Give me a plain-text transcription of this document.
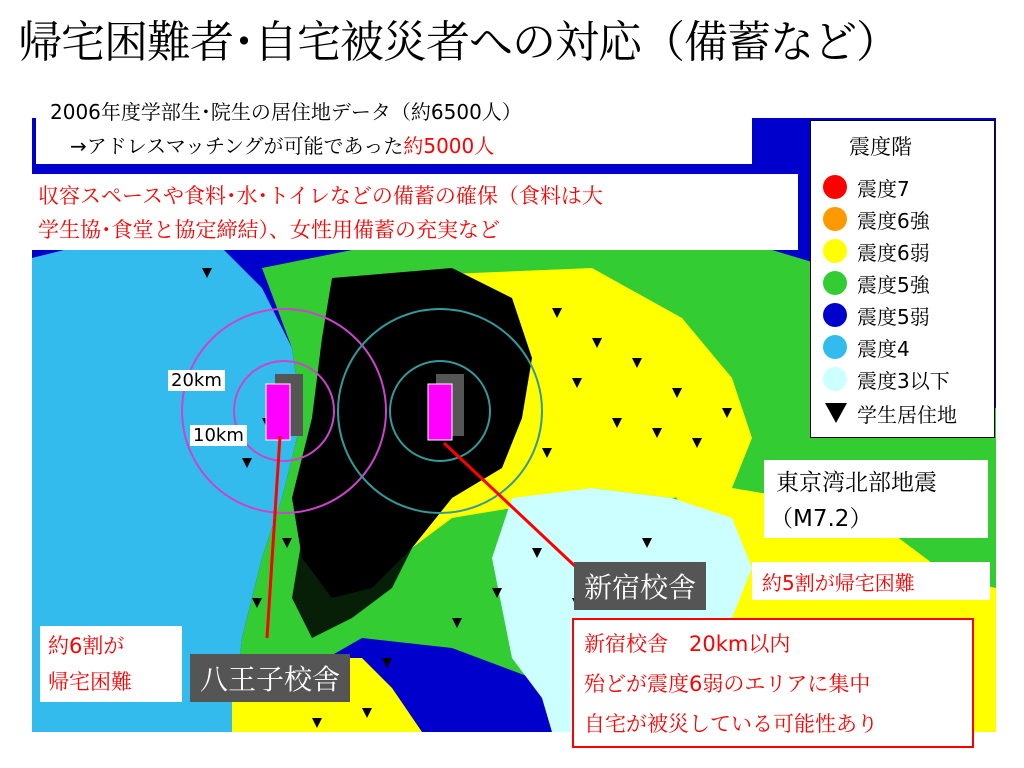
帰宅困難者･自宅被災者への対応（備蓄など）
2006年度学部生･院生の居住地データ（約6500人）
→アドレスマッチングが可能であった約5000人
収容スペースや食料･水･トイレなどの備蓄の確保（食料は大
学生協･食堂と協定締結）、女性用備蓄の充実など
震度階
震度7
震度6強
震度6弱
震度5強
震度5弱
震度4
震度3以下
学生居住地
東京湾北部地震
（M7.2）
約5割が帰宅困難
約6割が
帰宅困難
新宿校舎
八王子校舎
20km
10km
新宿校舎　20km以内
殆どが震度6弱のエリアに集中
自宅が被災している可能性あり
